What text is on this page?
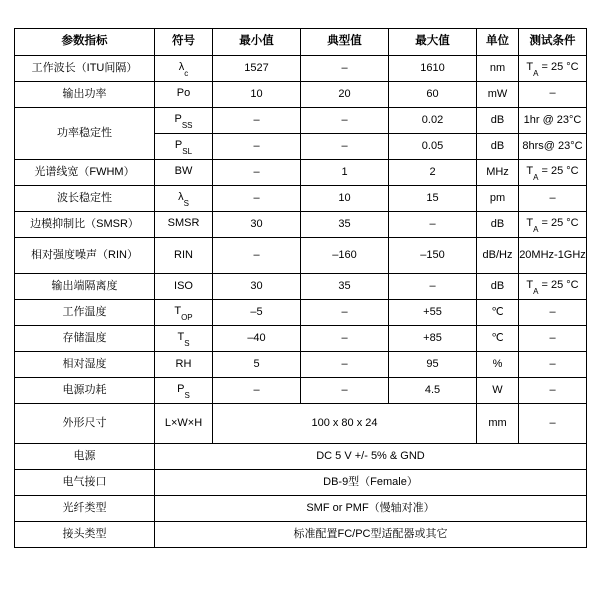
参数指标	符号	最小值	典型值	最大值	单位	测试条件
工作波长（ITU间隔）	$\lambda_c$	1527	–	1610	nm	$T_A = 25$ °C
输出功率	Po	10	20	60	mW	–
功率稳定性	$P_{SS}$	–	–	0.02	dB	1hr @ 23°C
	$P_{SL}$	–	–	0.05	dB	8hrs@ 23°C
光谱线宽（FWHM）	BW	–	1	2	MHz	$T_A = 25$ °C
波长稳定性	$\lambda_S$	–	10	15	pm	–
边模抑制比（SMSR）	SMSR	30	35	–	dB	$T_A = 25$ °C
相对强度噪声（RIN）	RIN	–	–160	–150	dB/Hz	20MHz-1GHz
输出端隔离度	ISO	30	35	–	dB	$T_A = 25$ °C
工作温度	$T_{OP}$	–5	–	+55	℃	–
存储温度	$T_S$	–40	–	+85	℃	–
相对湿度	RH	5	–	95	%	–
电源功耗	$P_S$	–	–	4.5	W	–
外形尺寸	L×W×H	100 x 80 x 24			mm	–
电源	DC 5 V +/- 5% & GND					
电气接口	DB-9型（Female）					
光纤类型	SMF or PMF（慢轴对准）					
接头类型	标准配置FC/PC型适配器或其它					
